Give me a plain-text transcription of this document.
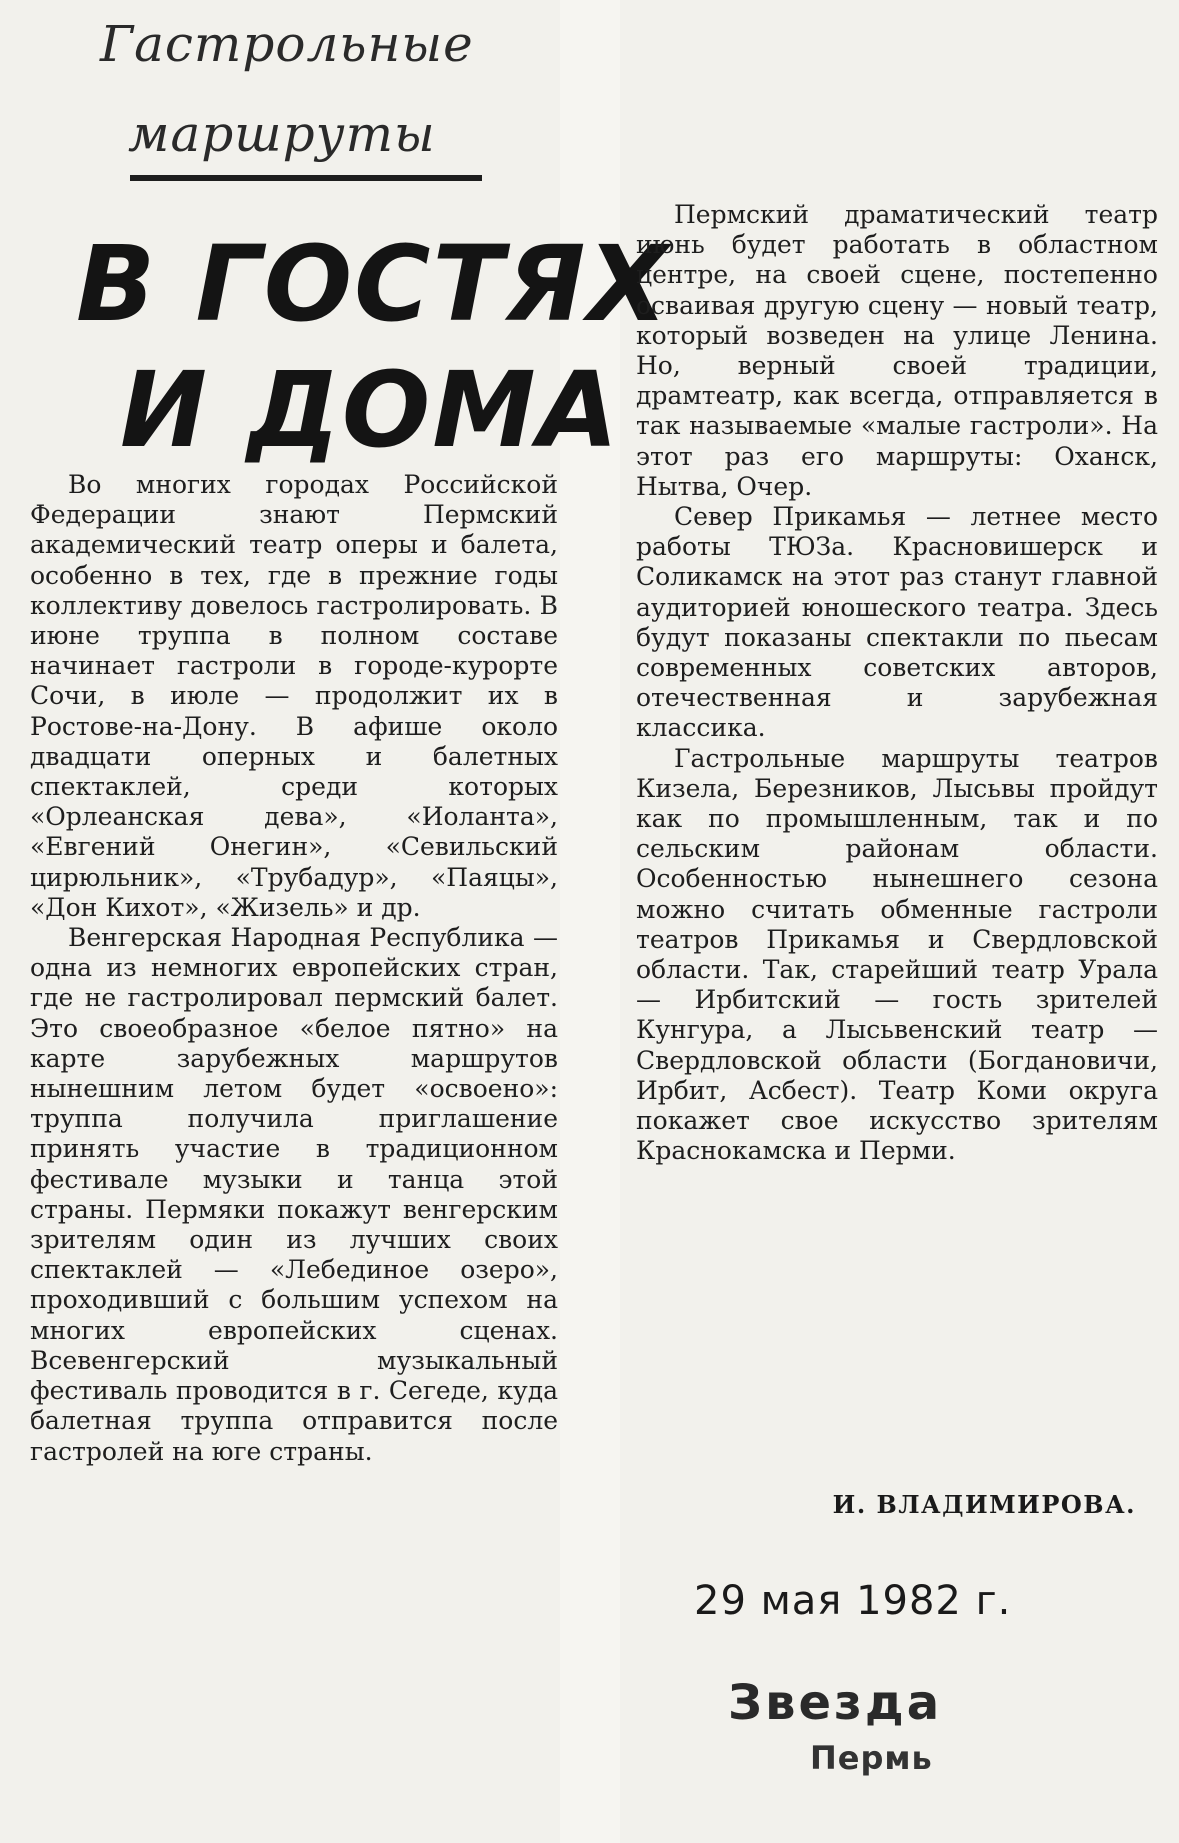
Гастрольные
маршруты
В ГОСТЯХ
И ДОМА

Во многих городах Российской Федерации знают Пермский академический театр оперы и балета, особенно в тех, где в прежние годы коллективу довелось гастролировать. В июне труппа в полном составе начинает гастроли в городе-курорте Сочи, в июле — продолжит их в Ростове-на-Дону. В афише около двадцати оперных и балетных спектаклей, среди которых «Орлеанская дева», «Иоланта», «Евгений Онегин», «Севильский цирюльник», «Трубадур», «Паяцы», «Дон Кихот», «Жизель» и др.

Венгерская Народная Республика — одна из немногих европейских стран, где не гастролировал пермский балет. Это своеобразное «белое пятно» на карте зарубежных маршрутов нынешним летом будет «освоено»: труппа получила приглашение принять участие в традиционном фестивале музыки и танца этой страны. Пермяки покажут венгерским зрителям один из лучших своих спектаклей — «Лебединое озеро», проходивший с большим успехом на многих европейских сценах. Всевенгерский музыкальный фестиваль проводится в г. Сегеде, куда балетная труппа отправится после гастролей на юге страны.

Пермский драматический театр июнь будет работать в областном центре, на своей сцене, постепенно осваивая другую сцену — новый театр, который возведен на улице Ленина. Но, верный своей традиции, драмтеатр, как всегда, отправляется в так называемые «малые гастроли». На этот раз его маршруты: Оханск, Нытва, Очер.

Север Прикамья — летнее место работы ТЮЗа. Красновишерск и Соликамск на этот раз станут главной аудиторией юношеского театра. Здесь будут показаны спектакли по пьесам современных советских авторов, отечественная и зарубежная классика.

Гастрольные маршруты театров Кизела, Березников, Лысьвы пройдут как по промышленным, так и по сельским районам области. Особенностью нынешнего сезона можно считать обменные гастроли театров Прикамья и Свердловской области. Так, старейший театр Урала — Ирбитский — гость зрителей Кунгура, а Лысьвенский театр — Свердловской области (Богдановичи, Ирбит, Асбест). Театр Коми округа покажет свое искусство зрителям Краснокамска и Перми.

И. ВЛАДИМИРОВА.
29 мая 1982 г.
Звезда
Пермь
